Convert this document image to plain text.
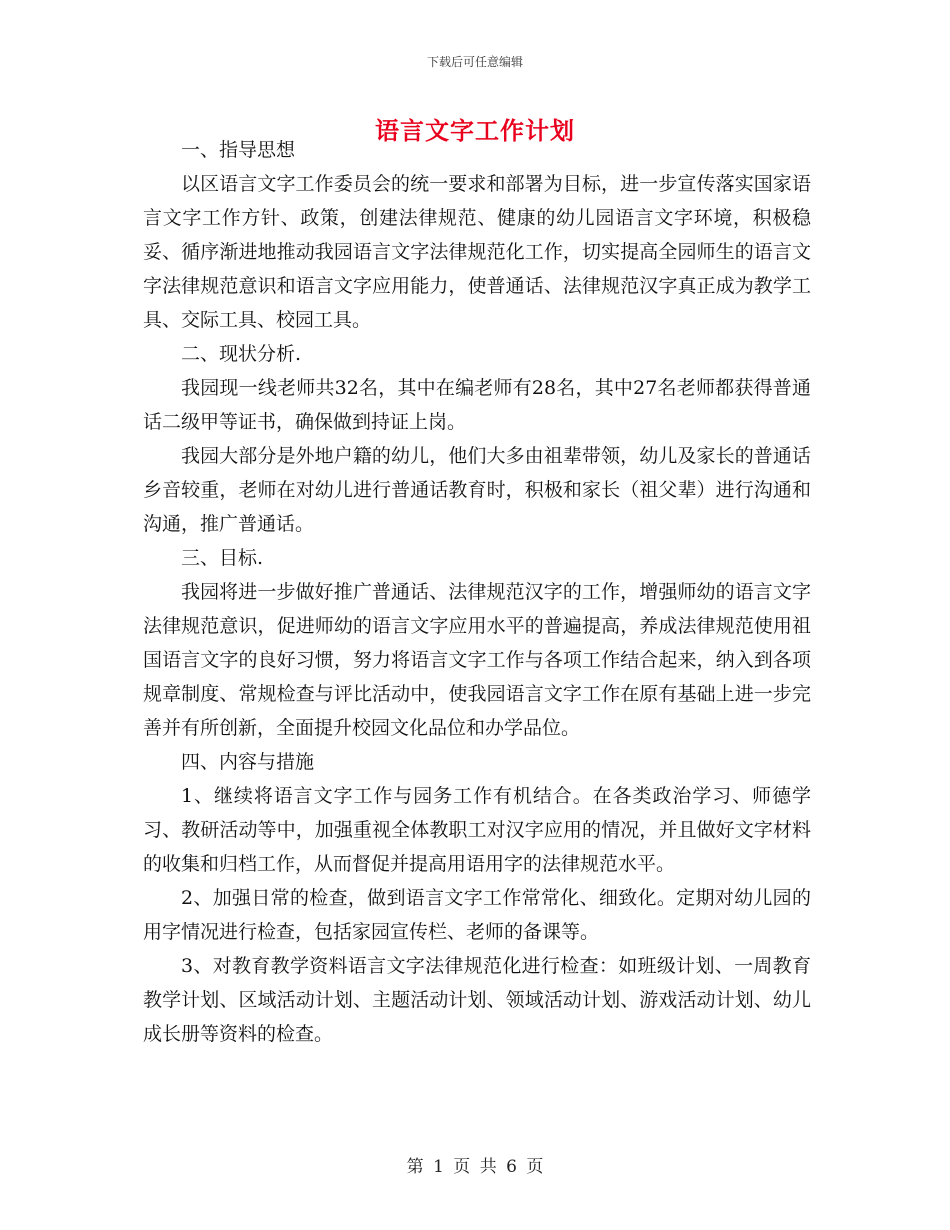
下载后可任意编辑
语言文字工作计划

一、指导思想

以区语言文字工作委员会的统一要求和部署为目标，进一步宣传落实国家语言文字工作方针、政策，创建法律规范、健康的幼儿园语言文字环境，积极稳妥、循序渐进地推动我园语言文字法律规范化工作，切实提高全园师生的语言文字法律规范意识和语言文字应用能力，使普通话、法律规范汉字真正成为教学工具、交际工具、校园工具。

二、现状分析.

我园现一线老师共32名，其中在编老师有28名，其中27名老师都获得普通话二级甲等证书，确保做到持证上岗。

我园大部分是外地户籍的幼儿，他们大多由祖辈带领，幼儿及家长的普通话乡音较重，老师在对幼儿进行普通话教育时，积极和家长（祖父辈）进行沟通和沟通，推广普通话。

三、目标.

我园将进一步做好推广普通话、法律规范汉字的工作，增强师幼的语言文字法律规范意识，促进师幼的语言文字应用水平的普遍提高，养成法律规范使用祖国语言文字的良好习惯，努力将语言文字工作与各项工作结合起来，纳入到各项规章制度、常规检查与评比活动中，使我园语言文字工作在原有基础上进一步完善并有所创新，全面提升校园文化品位和办学品位。

四、内容与措施

1、继续将语言文字工作与园务工作有机结合。在各类政治学习、师德学习、教研活动等中，加强重视全体教职工对汉字应用的情况，并且做好文字材料的收集和归档工作，从而督促并提高用语用字的法律规范水平。

2、加强日常的检查，做到语言文字工作常常化、细致化。定期对幼儿园的用字情况进行检查，包括家园宣传栏、老师的备课等。

3、对教育教学资料语言文字法律规范化进行检查：如班级计划、一周教育教学计划、区域活动计划、主题活动计划、领域活动计划、游戏活动计划、幼儿成长册等资料的检查。

第 1 页 共 6 页
